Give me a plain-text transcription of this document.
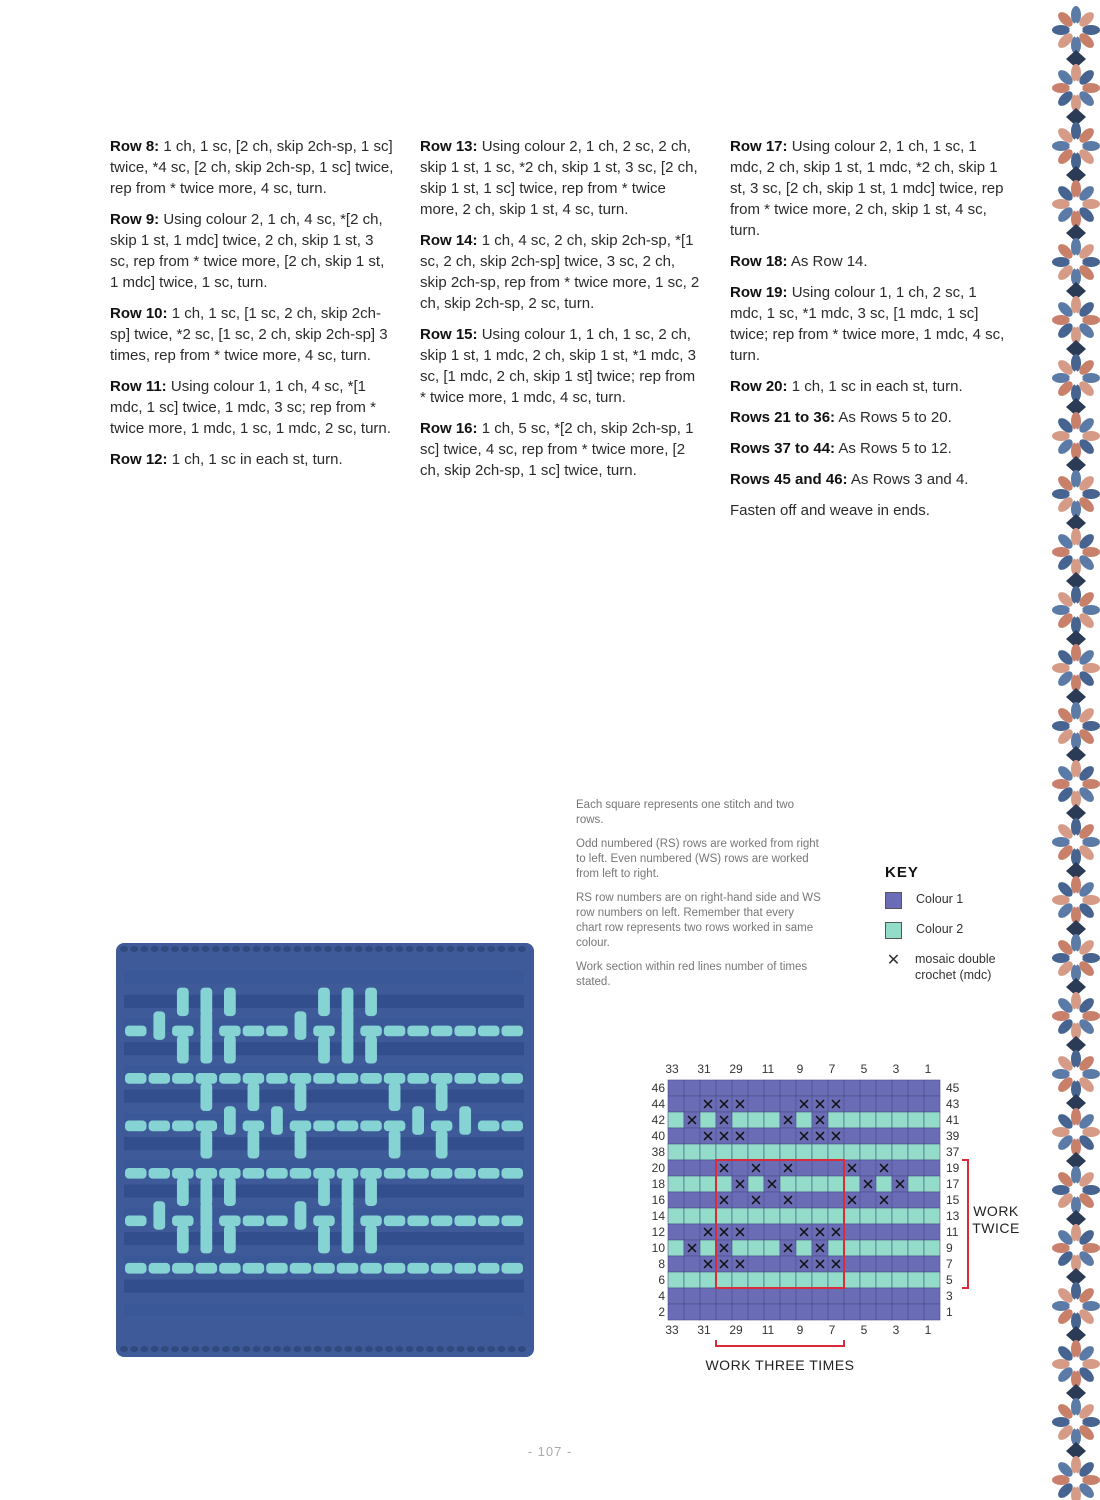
Row 8: 1 ch, 1 sc, [2 ch, skip 2ch-sp, 1 sc] twice, *4 sc, [2 ch, skip 2ch-sp, 1 sc] twice, rep from * twice more, 4 sc, turn.

Row 9: Using colour 2, 1 ch, 4 sc, *[2 ch, skip 1 st, 1 mdc] twice, 2 ch, skip 1 st, 3 sc, rep from * twice more, [2 ch, skip 1 st, 1 mdc] twice, 1 sc, turn.

Row 10: 1 ch, 1 sc, [1 sc, 2 ch, skip 2ch-sp] twice, *2 sc, [1 sc, 2 ch, skip 2ch-sp] 3 times, rep from * twice more, 4 sc, turn.

Row 11: Using colour 1, 1 ch, 4 sc, *[1 mdc, 1 sc] twice, 1 mdc, 3 sc; rep from * twice more, 1 mdc, 1 sc, 1 mdc, 2 sc, turn.

Row 12: 1 ch, 1 sc in each st, turn.

Row 13: Using colour 2, 1 ch, 2 sc, 2 ch, skip 1 st, 1 sc, *2 ch, skip 1 st, 3 sc, [2 ch, skip 1 st, 1 sc] twice, rep from * twice more, 2 ch, skip 1 st, 4 sc, turn.

Row 14: 1 ch, 4 sc, 2 ch, skip 2ch-sp, *[1 sc, 2 ch, skip 2ch-sp] twice, 3 sc, 2 ch, skip 2ch-sp, rep from * twice more, 1 sc, 2 ch, skip 2ch-sp, 2 sc, turn.

Row 15: Using colour 1, 1 ch, 1 sc, 2 ch, skip 1 st, 1 mdc, 2 ch, skip 1 st, *1 mdc, 3 sc, [1 mdc, 2 ch, skip 1 st] twice; rep from * twice more, 1 mdc, 4 sc, turn.

Row 16: 1 ch, 5 sc, *[2 ch, skip 2ch-sp, 1 sc] twice, 4 sc, rep from * twice more, [2 ch, skip 2ch-sp, 1 sc] twice, turn.

Row 17: Using colour 2, 1 ch, 1 sc, 1 mdc, 2 ch, skip 1 st, 1 mdc, *2 ch, skip 1 st, 3 sc, [2 ch, skip 1 st, 1 mdc] twice, rep from * twice more, 2 ch, skip 1 st, 4 sc, turn.

Row 18: As Row 14.

Row 19: Using colour 1, 1 ch, 2 sc, 1 mdc, 1 sc, *1 mdc, 3 sc, [1 mdc, 1 sc] twice; rep from * twice more, 1 mdc, 4 sc, turn.

Row 20: 1 ch, 1 sc in each st, turn.

Rows 21 to 36: As Rows 5 to 20.

Rows 37 to 44: As Rows 5 to 12.

Rows 45 and 46: As Rows 3 and 4.

Fasten off and weave in ends.

Each square represents one stitch and two rows.

Odd numbered (RS) rows are worked from right to left. Even numbered (WS) rows are worked from left to right.

RS row numbers are on right-hand side and WS row numbers on left. Remember that every chart row represents two rows worked in same colour.

Work section within red lines number of times stated.

KEY
Colour 1
Colour 2
✕ mosaic double crochet (mdc)
33 31 29 11 9 7 5 3 1
33 31 29 11 9 7 5 3 1
46
44
42
40
38
20
18
16
14
12
10
8
6
4
2
45
43
41
39
37
19
17
15
13
11
9
7
5
3
1
WORK TWICE
WORK THREE TIMES
- 107 -
